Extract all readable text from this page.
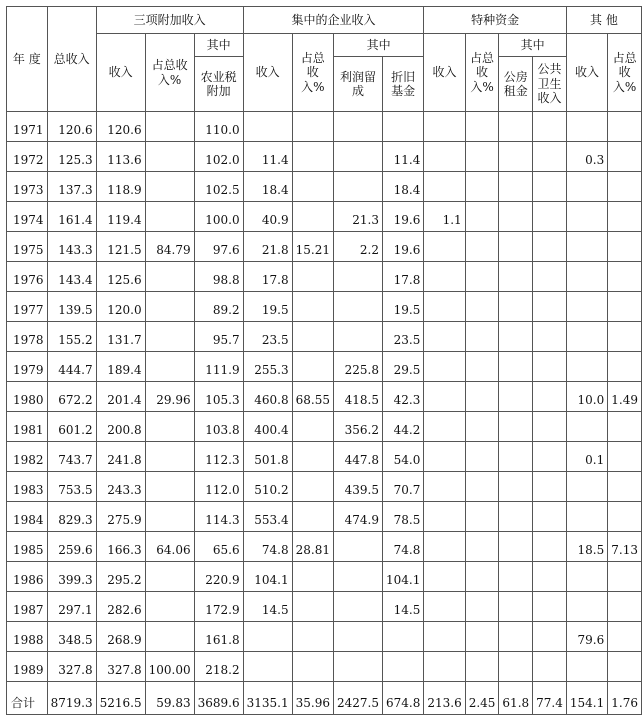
年 度	总收入	三项附加收入			集中的企业收入				特种资金				其 他	
		收入	占总收入%	其中	收入	占总收入%	其中		收入	占总收入%	其中		收入	占总收入%
				农业税附加			利润留成	折旧基金			公房租金	公共卫生收入		
1971	120.6	120.6		110.0										
1972	125.3	113.6		102.0	11.4			11.4					0.3	
1973	137.3	118.9		102.5	18.4			18.4						
1974	161.4	119.4		100.0	40.9		21.3	19.6	1.1					
1975	143.3	121.5	84.79	97.6	21.8	15.21	2.2	19.6						
1976	143.4	125.6		98.8	17.8			17.8						
1977	139.5	120.0		89.2	19.5			19.5						
1978	155.2	131.7		95.7	23.5			23.5						
1979	444.7	189.4		111.9	255.3		225.8	29.5						
1980	672.2	201.4	29.96	105.3	460.8	68.55	418.5	42.3					10.0	1.49
1981	601.2	200.8		103.8	400.4		356.2	44.2						
1982	743.7	241.8		112.3	501.8		447.8	54.0					0.1	
1983	753.5	243.3		112.0	510.2		439.5	70.7						
1984	829.3	275.9		114.3	553.4		474.9	78.5						
1985	259.6	166.3	64.06	65.6	74.8	28.81		74.8					18.5	7.13
1986	399.3	295.2		220.9	104.1			104.1						
1987	297.1	282.6		172.9	14.5			14.5						
1988	348.5	268.9		161.8									79.6	
1989	327.8	327.8	100.00	218.2										
合计	8719.3	5216.5	59.83	3689.6	3135.1	35.96	2427.5	674.8	213.6	2.45	61.8	77.4	154.1	1.76
